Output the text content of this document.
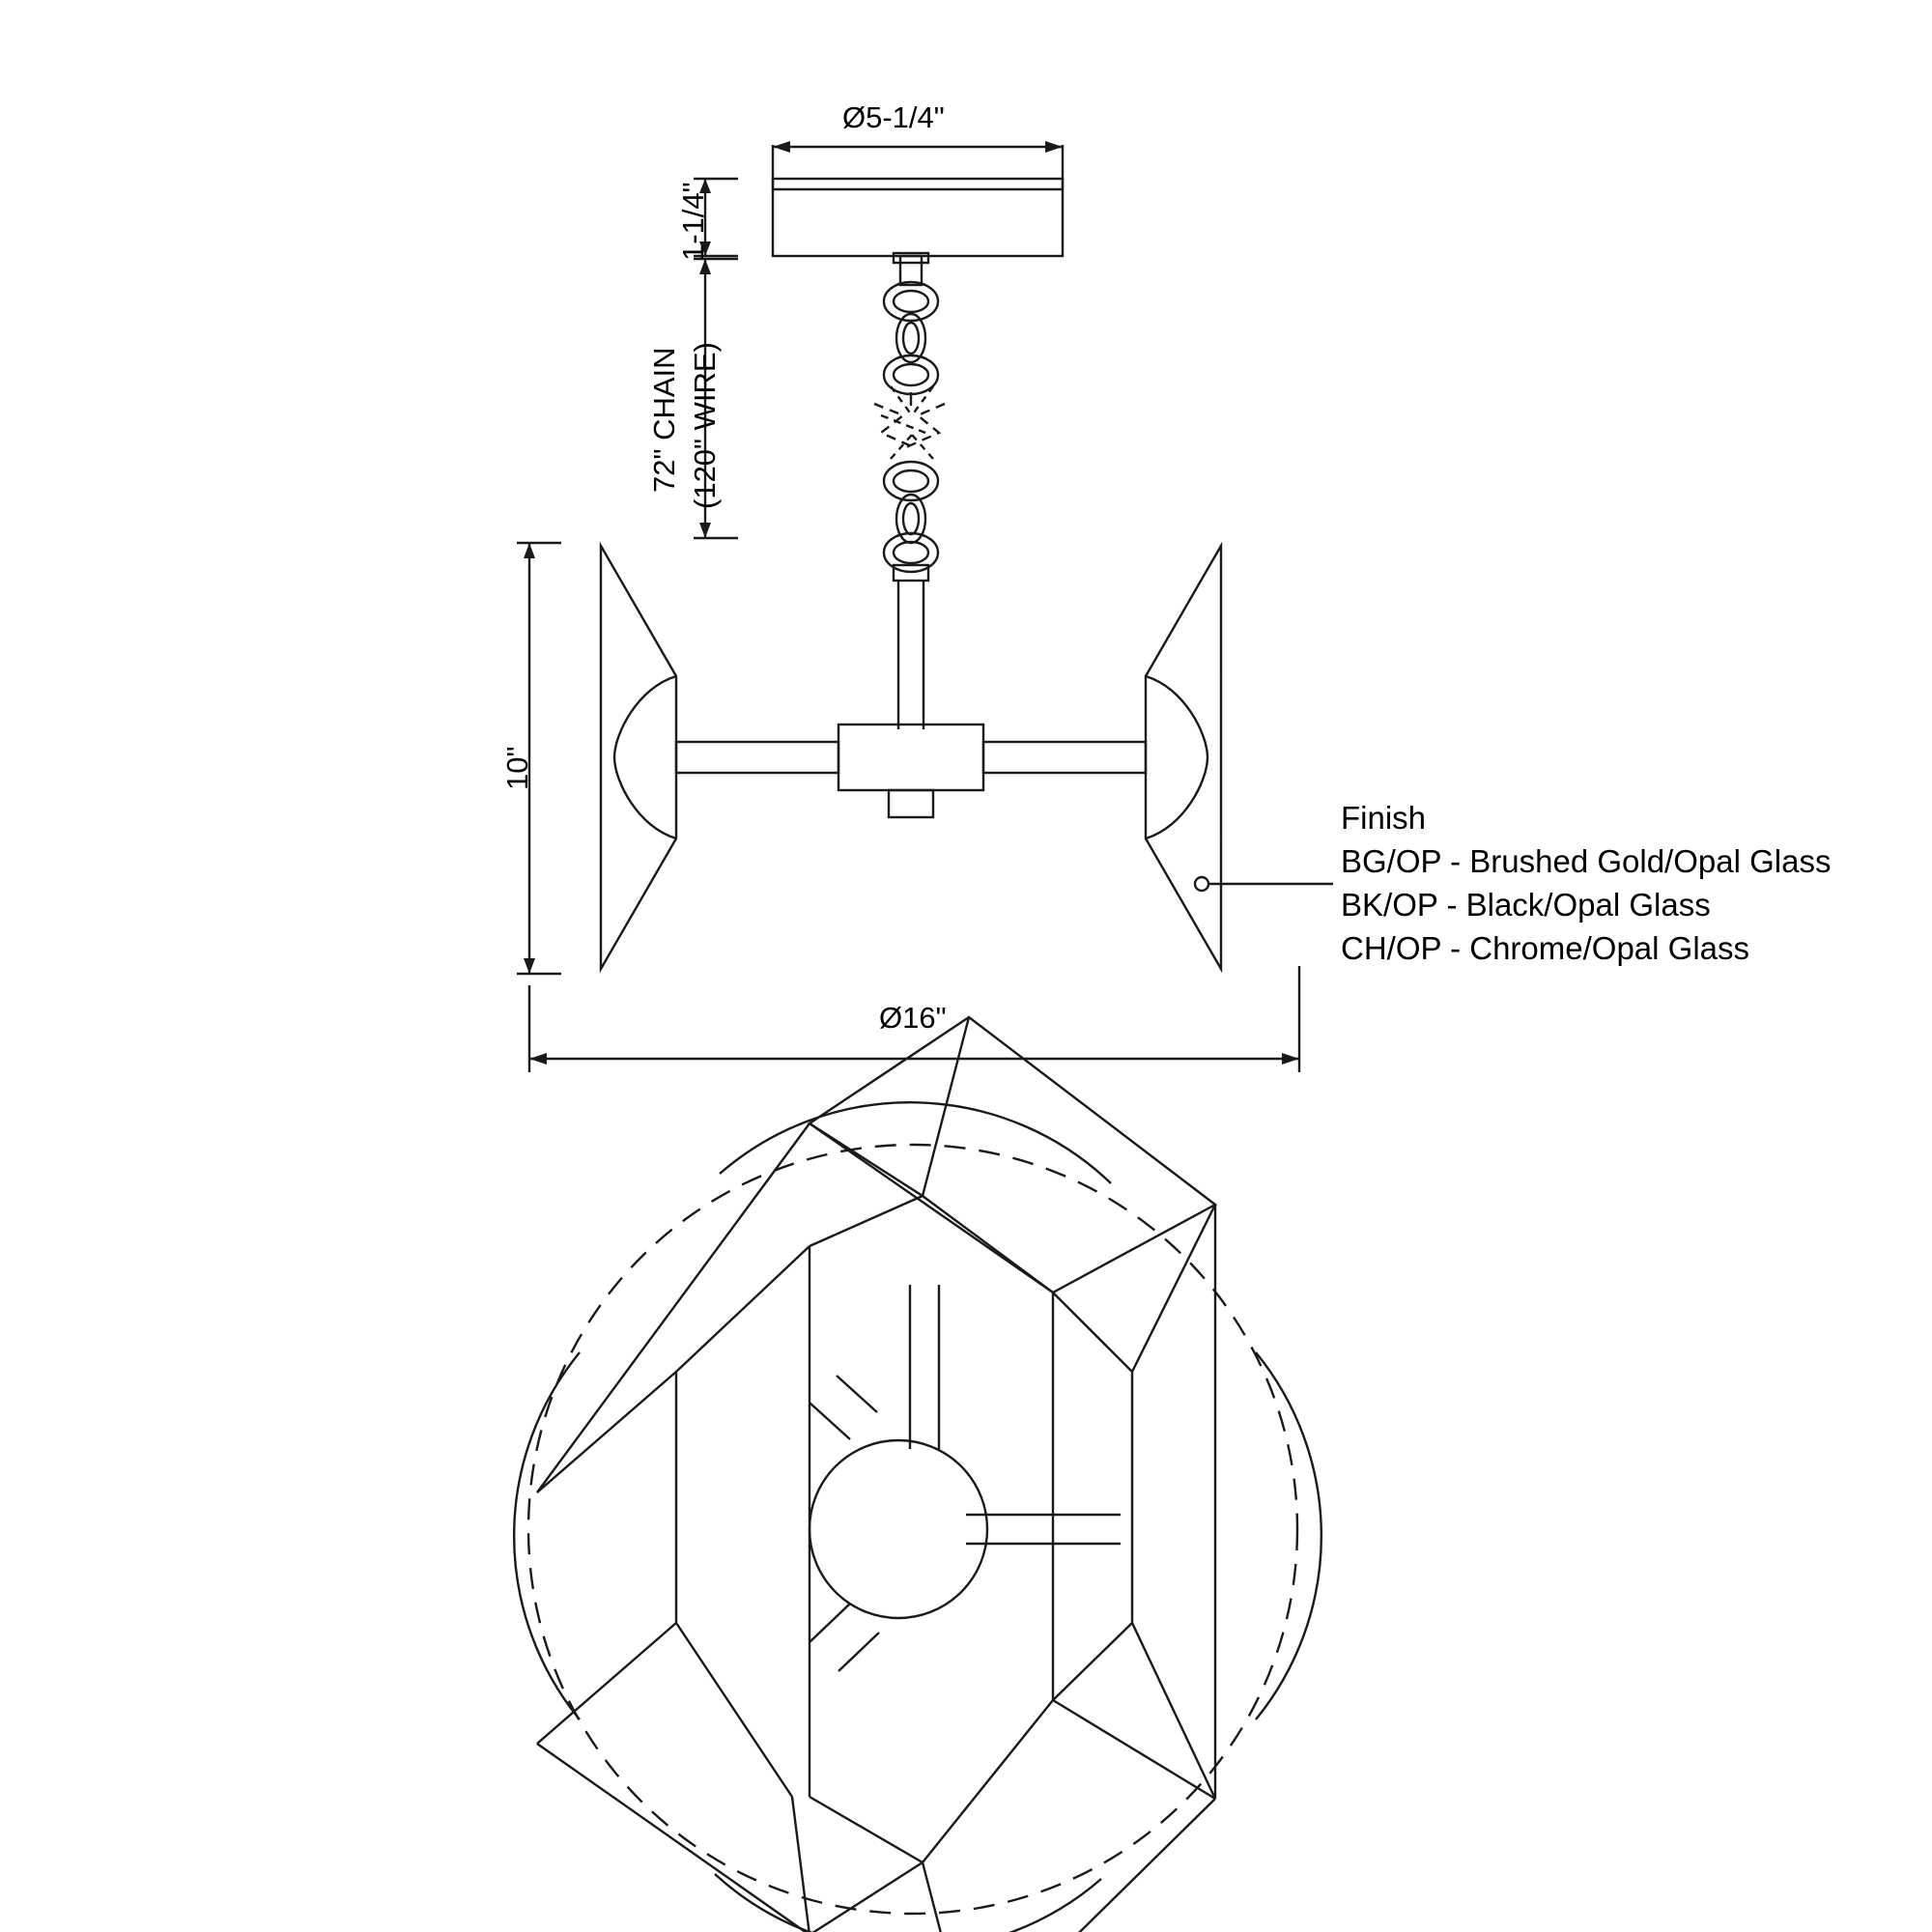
Ø5-1/4"
1-1/4"
72" CHAIN (120" WIRE)
10"
Ø16"
Finish
BG/OP - Brushed Gold/Opal Glass
BK/OP - Black/Opal Glass
CH/OP - Chrome/Opal Glass
